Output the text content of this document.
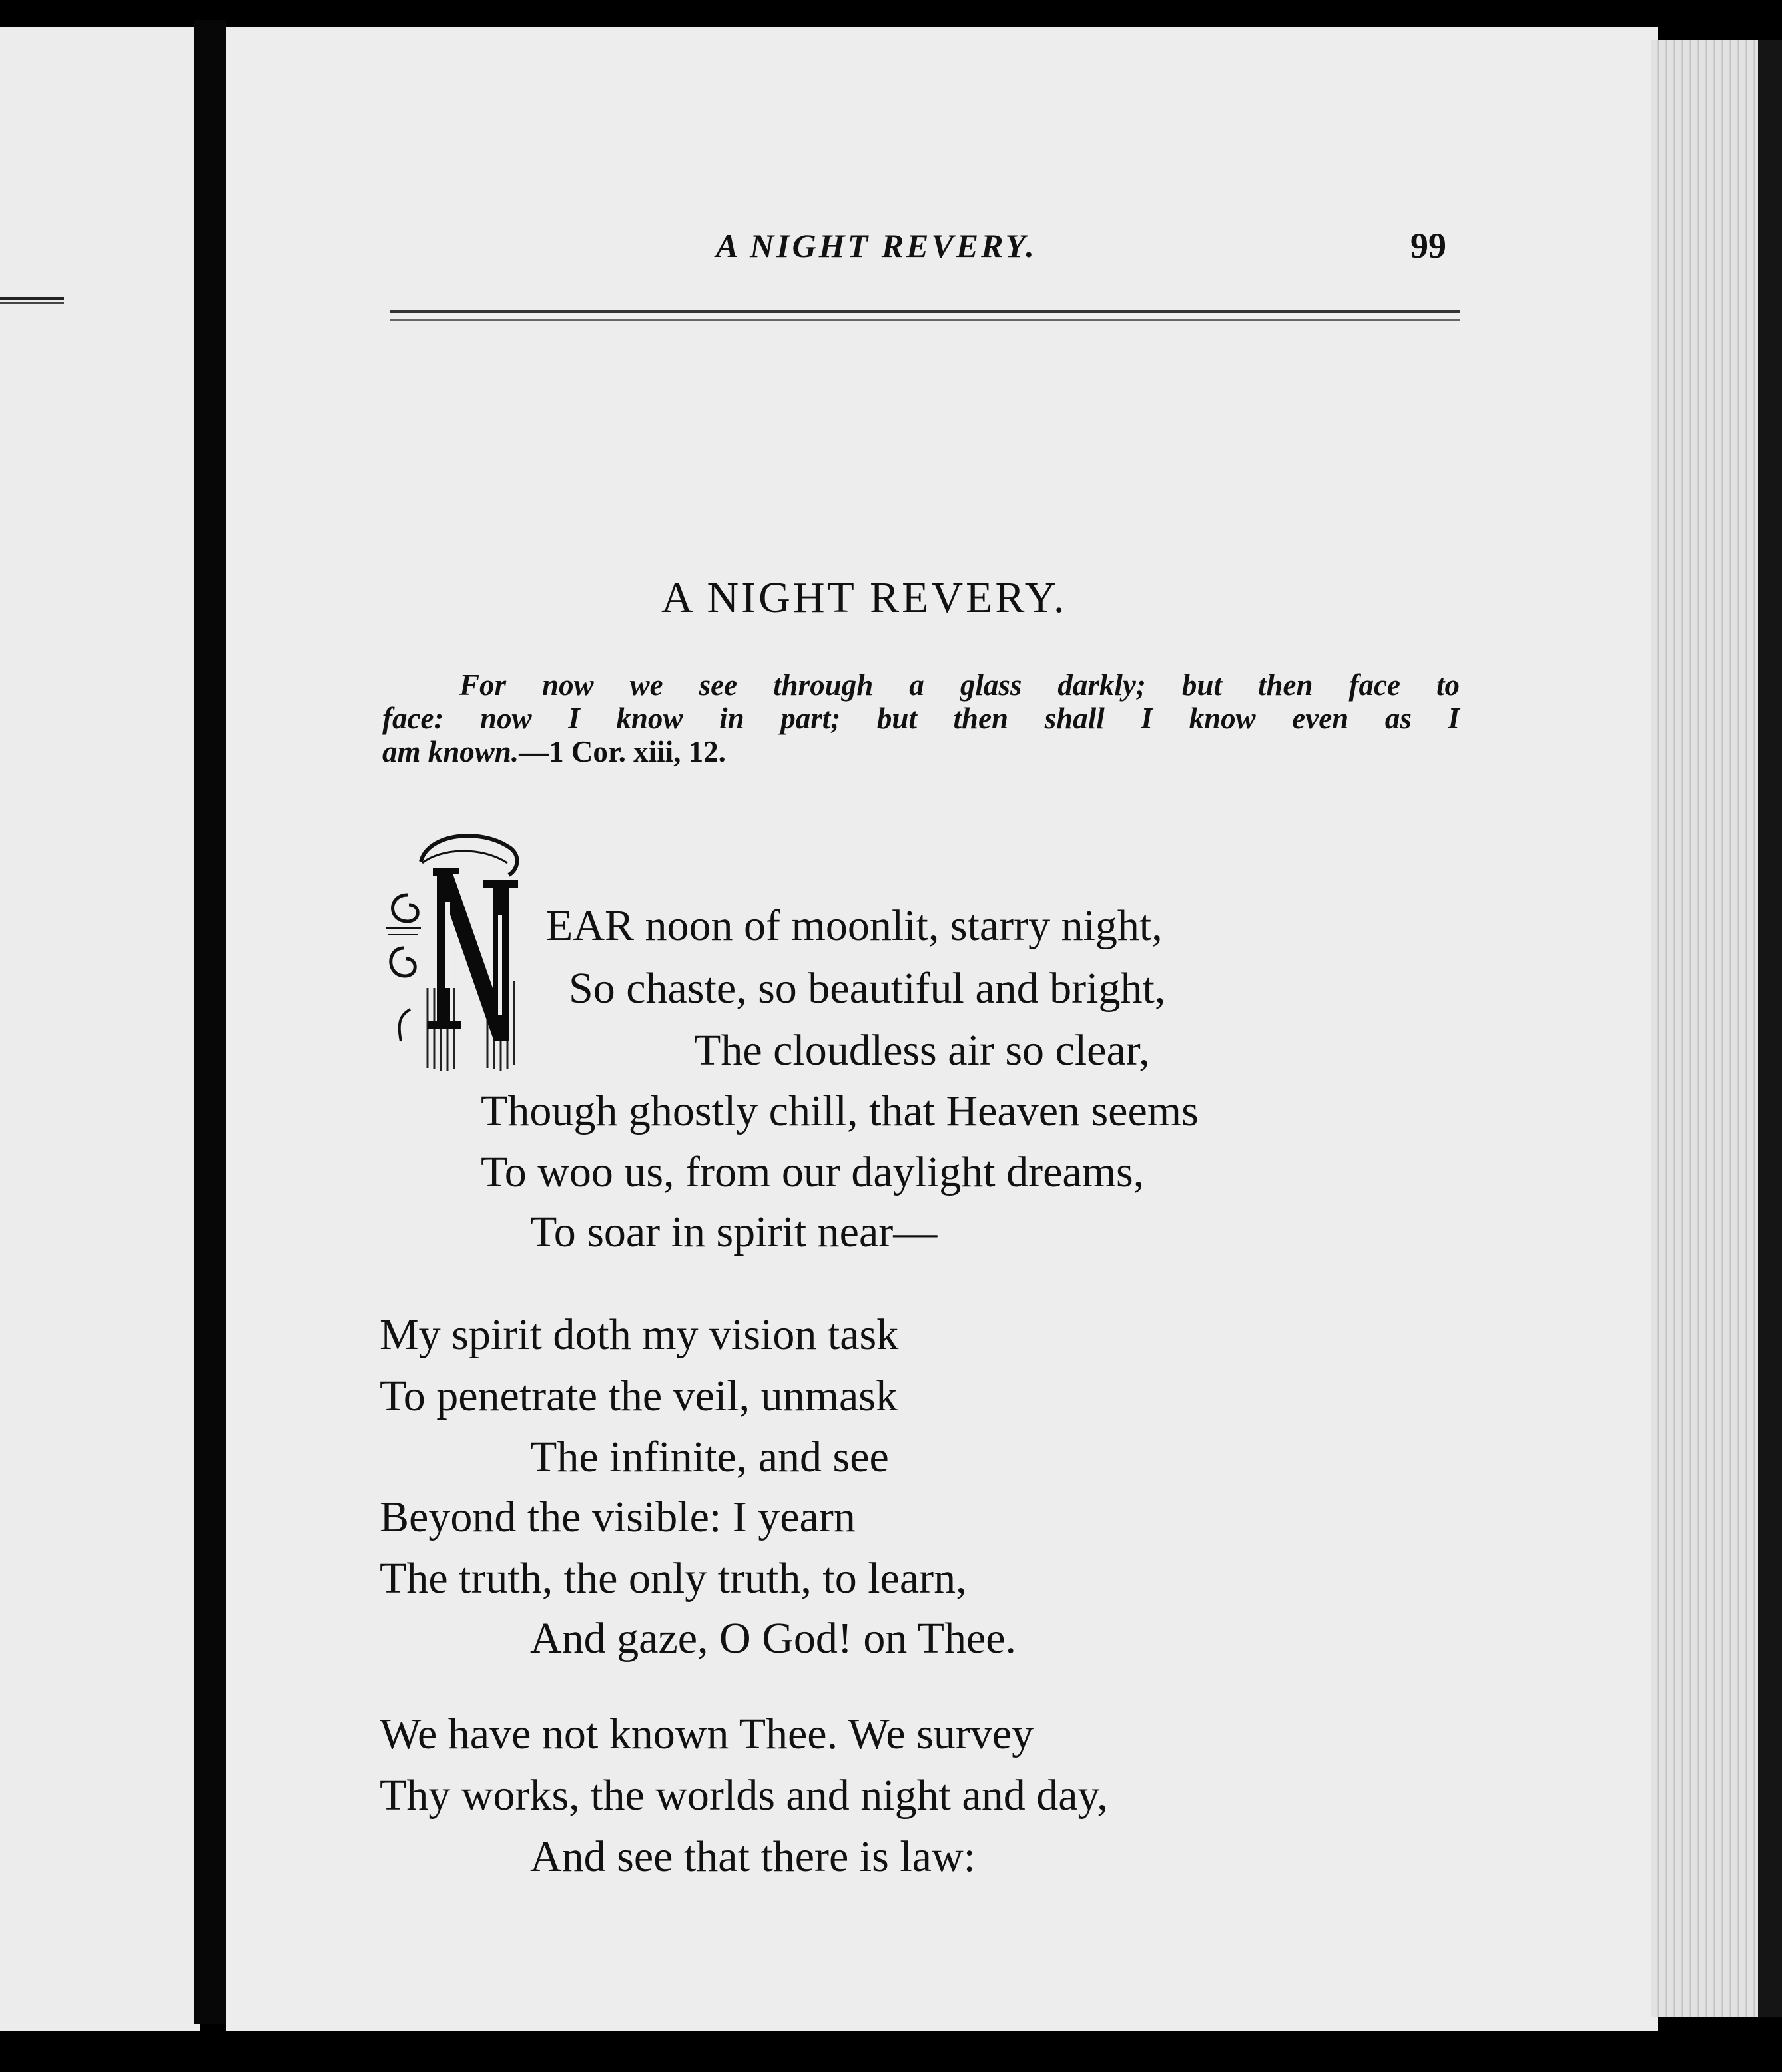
A NIGHT REVERY.	99
A NIGHT REVERY.
For now we see through a glass darkly; but then face to
face: now I know in part; but then shall I know even as I
am known.—1 Cor. xiii, 12.
EAR noon of moonlit, starry night,
So chaste, so beautiful and bright,
The cloudless air so clear,
Though ghostly chill, that Heaven seems
To woo us, from our daylight dreams,
To soar in spirit near—
My spirit doth my vision task
To penetrate the veil, unmask
The infinite, and see
Beyond the visible: I yearn
The truth, the only truth, to learn,
And gaze, O God! on Thee.
We have not known Thee. We survey
Thy works, the worlds and night and day,
And see that there is law:
